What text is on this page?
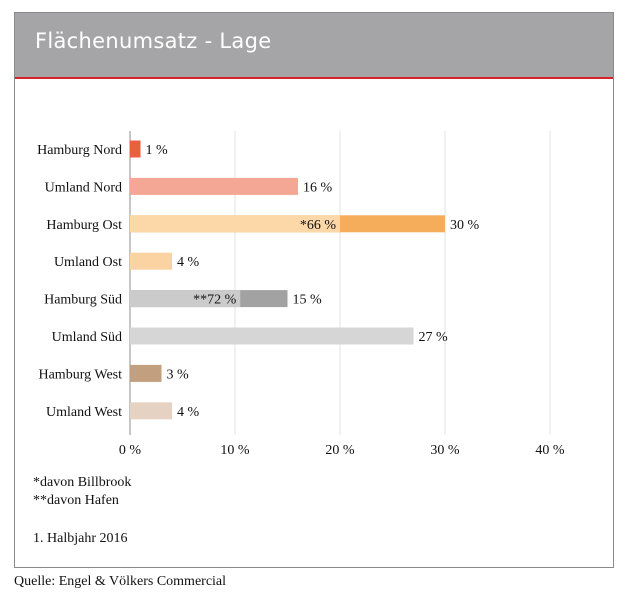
Flächenumsatz - Lage
0 %	10 %	20 %	30 %	40 %
Hamburg Nord 1 %
Umland Nord	16 %
*66 %
Hamburg Ost	30 %
Umland Ost	4 %
**72 %
Hamburg Süd	15 %
Umland Süd	27 %
Hamburg West	3 %
Umland West	4 %
*davon Billbrook
**davon Hafen
1. Halbjahr 2016
Quelle: Engel & Völkers Commercial
